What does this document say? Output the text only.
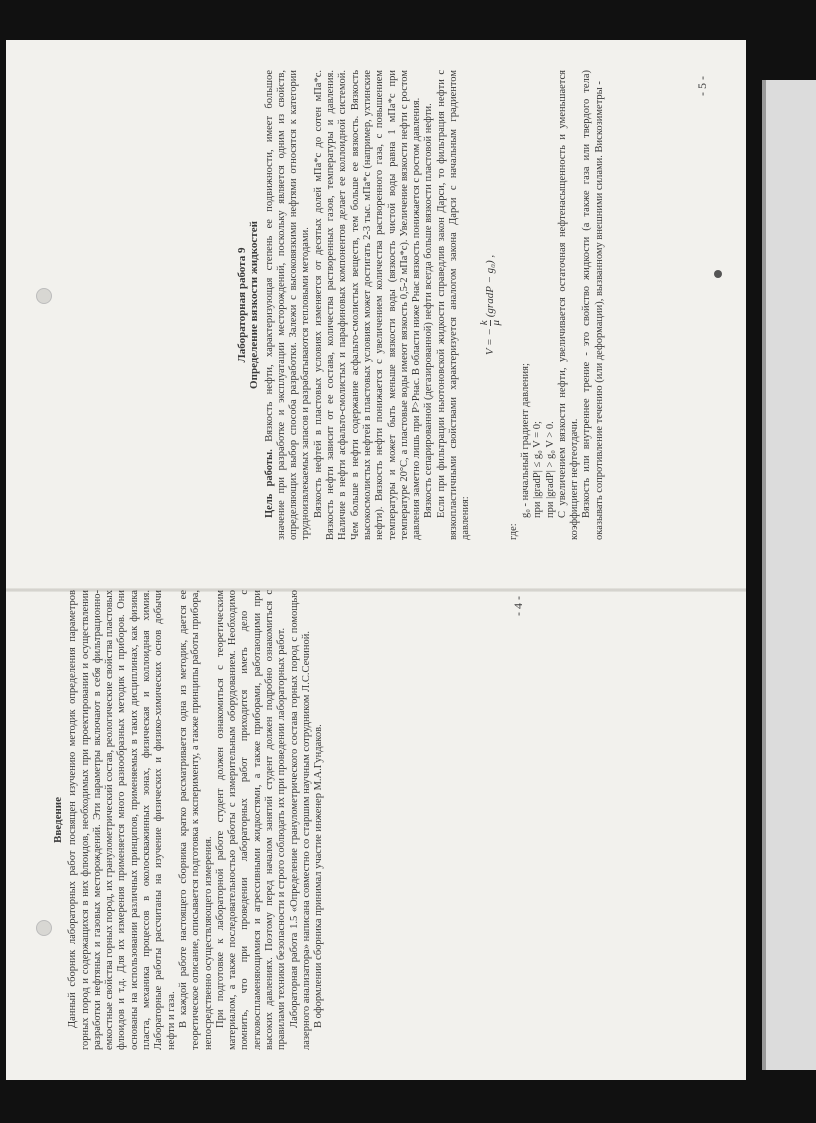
Введение Данный сборник лабораторных работ посвящен изучению методик определения параметров горных пород и содержащихся в них флюидов, необходимых при проектировании и осуществлении разработки нефтяных и газовых месторождений. Эти параметры включают в себя фильтрационно-емкостные свойства горных пород, их гранулометрический состав, реологические свойства пластовых флюидов и т.д. Для их измерения применяется много разнообразных методик и приборов. Они основаны на использовании различных принципов, применяемых в таких дисциплинах, как физика пласта, механика процессов в околоскважинных зонах, физическая и коллоидная химия. Лабораторные работы рассчитаны на изучение физических и физико-химических основ добычи нефти и газа. В каждой работе настоящего сборника кратко рассматривается одна из методик, дается ее теоретическое описание, описывается подготовка к эксперименту, а также принципы работы прибора, непосредственно осуществляющего измерения. При подготовке к лабораторной работе студент должен ознакомиться с теоретическим материалом, а также последовательностью работы с измерительным оборудованием. Необходимо помнить, что при проведении лабораторных работ приходится иметь дело с легковоспламеняющимися и агрессивными жидкостями, а также приборами, работающими при высоких давлениях. Поэтому перед началом занятий студент должен подробно ознакомиться с правилами техники безопасности и строго соблюдать их при проведении лабораторных работ. Лабораторная работа 1.5 «Определение гранулометрического состава горных пород с помощью лазерного анализатора» написана совместно со старшим научным сотрудником Л.С.Сечиной. В оформлении сборника принимал участие инженер М.А.Гундаков.

- 4 -
Лабораторная работа 9 Определение вязкости жидкостей

Цель работы. Вязкость нефти, характеризующая степень ее подвижности, имеет большое значение при разработке и эксплуатации месторождений, поскольку является одним из свойств, определяющих выбор способа разработки. Залежи с высоковязкими нефтями относятся к категории трудноизвлекаемых запасов и разрабатываются тепловыми методами. Вязкость нефтей в пластовых условиях изменяется от десятых долей мПа*с до сотен мПа*с. Вязкость нефти зависит от ее состава, количества растворенных газов, температуры и давления. Наличие в нефти асфальто-смолистых и парафиновых компонентов делает ее коллоидной системой. Чем больше в нефти содержание асфальто-смолистых веществ, тем больше ее вязкость. Вязкость высокосмолистых нефтей в пластовых условиях может достигать 2-3 тыс. мПа*с (например, ухтинские нефти). Вязкость нефти понижается с увеличением количества растворенного газа, с повышением температуры и может быть меньше вязкости воды (вязкость чистой воды равна 1 мПа*с при температуре 20°С, а пластовые воды имеют вязкость 0,5-2 мПа*с). Увеличение вязкости нефти с ростом давления заметно лишь при P>Pнас. В области ниже Pнас вязкость понижается с ростом давления. Вязкость сепарированной (дегазированной) нефти всегда больше вязкости пластовой нефти. Если при фильтрации ньютоновской жидкости справедлив закон Дарси, то фильтрация нефти с вязкопластичными свойствами характеризуется аналогом закона Дарси с начальным градиентом давления:

V = −
k μ
(gradP − g₀) ,

где:

g₀ - начальный градиент давления; при |gradP| ≤ g₀ V = 0; при |gradP| > g₀ V > 0. С увеличением вязкости нефти, увеличивается остаточная нефтенасыщенность и уменьшается коэффициент нефтеотдачи. Вязкость или внутреннее трение - это свойство жидкости (а также газа или твердого тела) оказывать сопротивление течению (или деформации), вызванному внешними силами. Вискозиметры -	- 5 -
